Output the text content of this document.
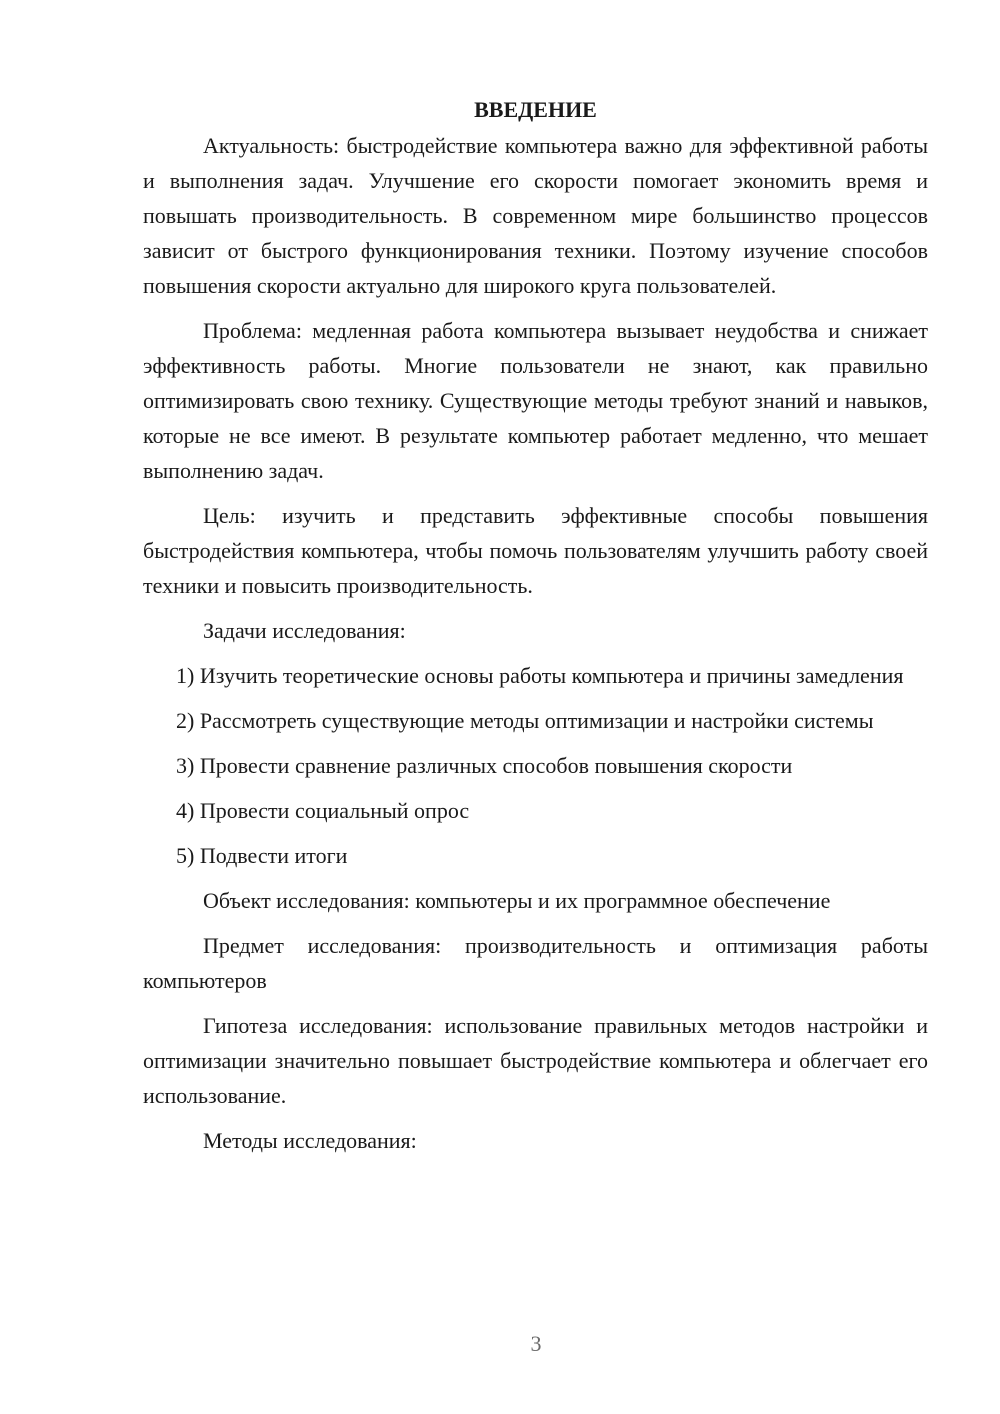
ВВЕДЕНИЕ

Актуальность: быстродействие компьютера важно для эффективной работы и выполнения задач. Улучшение его скорости помогает экономить время и повышать производительность. В современном мире большинство процессов зависит от быстрого функционирования техники. Поэтому изучение способов повышения скорости актуально для широкого круга пользователей.

Проблема: медленная работа компьютера вызывает неудобства и снижает эффективность работы. Многие пользователи не знают, как правильно оптимизировать свою технику. Существующие методы требуют знаний и навыков, которые не все имеют. В результате компьютер работает медленно, что мешает выполнению задач.

Цель: изучить и представить эффективные способы повышения быстродействия компьютера, чтобы помочь пользователям улучшить работу своей техники и повысить производительность.

Задачи исследования:

1) Изучить теоретические основы работы компьютера и причины замедления

2) Рассмотреть существующие методы оптимизации и настройки системы

3) Провести сравнение различных способов повышения скорости

4) Провести социальный опрос

5) Подвести итоги

Объект исследования: компьютеры и их программное обеспечение

Предмет исследования: производительность и оптимизация работы компьютеров

Гипотеза исследования: использование правильных методов настройки и оптимизации значительно повышает быстродействие компьютера и облегчает его использование.

Методы исследования:

3
